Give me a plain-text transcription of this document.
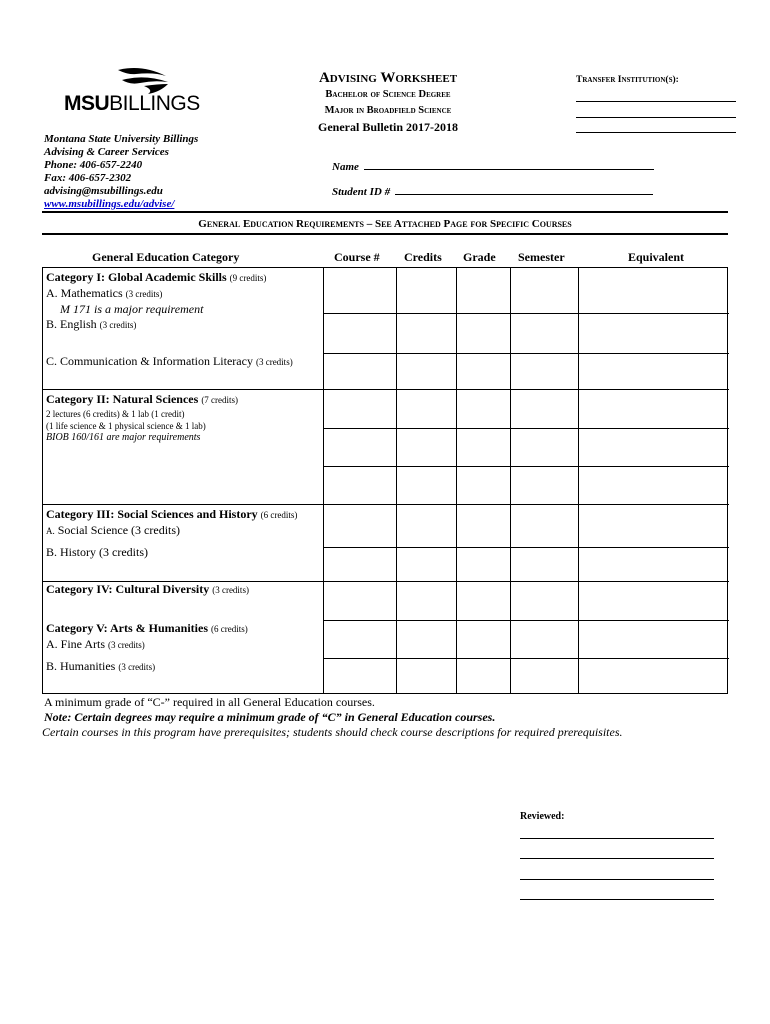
MSUBILLINGS
Montana State University Billings
Advising & Career Services
Phone: 406-657-2240
Fax: 406-657-2302
advising@msubillings.edu
www.msubillings.edu/advise/
Advising Worksheet
Bachelor of Science Degree
Major in Broadfield Science
General Bulletin 2017-2018
Transfer Institution(s):
Name
Student ID #
General Education Requirements – See Attached Page for Specific Courses
General Education Category	Course # Credits Grade Semester	Equivalent
Category I: Global Academic Skills (9 credits)
A. Mathematics (3 credits)
M 171 is a major requirement
B. English (3 credits)
C. Communication & Information Literacy (3 credits)
Category II: Natural Sciences (7 credits)
2 lectures (6 credits) & 1 lab (1 credit)
(1 life science & 1 physical science & 1 lab)
BIOB 160/161 are major requirements
Category III: Social Sciences and History (6 credits)
A. Social Science (3 credits)
B. History (3 credits)
Category IV: Cultural Diversity (3 credits)
Category V: Arts & Humanities (6 credits)
A. Fine Arts (3 credits)
B. Humanities (3 credits)
A minimum grade of “C-” required in all General Education courses.
Note: Certain degrees may require a minimum grade of “C” in General Education courses.
Certain courses in this program have prerequisites; students should check course descriptions for required prerequisites.
Reviewed:
